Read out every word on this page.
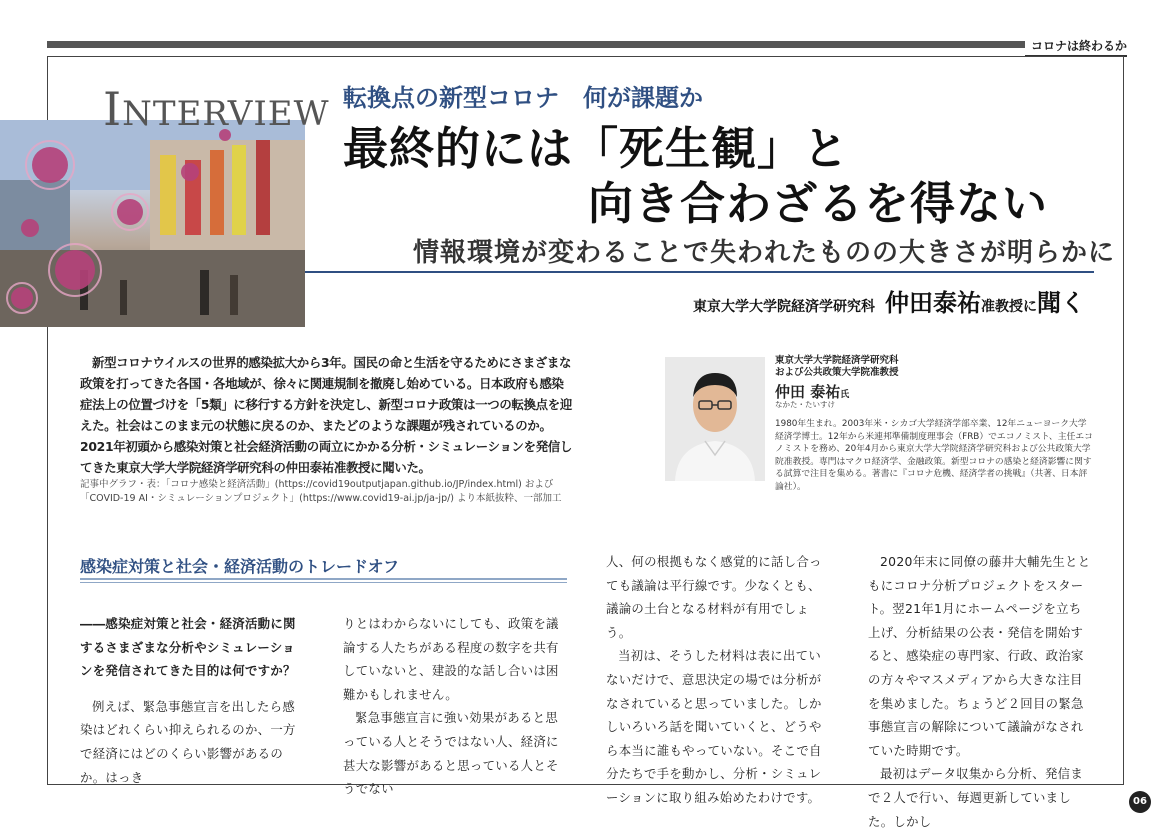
コロナは終わるか
INTERVIEW 転換点の新型コロナ　何が課題か
最終的には「死生観」と
向き合わざるを得ない
情報環境が変わることで失われたものの大きさが明らかに
東京大学大学院経済学研究科 仲田泰祐准教授に聞く

新型コロナウイルスの世界的感染拡大から3年。国民の命と生活を守るためにさまざまな政策を打ってきた各国・各地域が、徐々に関連規制を撤廃し始めている。日本政府も感染症法上の位置づけを「5類」に移行する方針を決定し、新型コロナ政策は一つの転換点を迎えた。社会はこのまま元の状態に戻るのか、またどのような課題が残されているのか。2021年初頭から感染対策と社会経済活動の両立にかかる分析・シミュレーションを発信してきた東京大学大学院経済学研究科の仲田泰祐准教授に聞いた。

記事中グラフ・表：「コロナ感染と経済活動」(https://covid19outputjapan.github.io/JP/index.html) および「COVID-19 AI・シミュレーションプロジェクト」(https://www.covid19-ai.jp/ja-jp/) より本紙抜粋、一部加工

東京大学大学院経済学研究科
および公共政策大学院准教授
仲田 泰祐氏
なかた・たいすけ

1980年生まれ。2003年米・シカゴ大学経済学部卒業、12年ニューヨーク大学経済学博士。12年から米連邦準備制度理事会（FRB）でエコノミスト、主任エコノミストを務め、20年4月から東京大学大学院経済学研究科および公共政策大学院准教授。専門はマクロ経済学、金融政策。新型コロナの感染と経済影響に関する試算で注目を集める。著書に『コロナ危機、経済学者の挑戦』（共著、日本評論社）。

感染症対策と社会・経済活動のトレードオフ

――感染症対策と社会・経済活動に関するさまざまな分析やシミュレーションを発信されてきた目的は何ですか？

例えば、緊急事態宣言を出したら感染はどれくらい抑えられるのか、一方で経済にはどのくらい影響があるのか。はっき

りとはわからないにしても、政策を議論する人たちがある程度の数字を共有していないと、建設的な話し合いは困難かもしれません。

緊急事態宣言に強い効果があると思っている人とそうではない人、経済に甚大な影響があると思っている人とそうでない

人、何の根拠もなく感覚的に話し合っても議論は平行線です。少なくとも、議論の土台となる材料が有用でしょう。

当初は、そうした材料は表に出ていないだけで、意思決定の場では分析がなされていると思っていました。しかしいろいろ話を聞いていくと、どうやら本当に誰もやっていない。そこで自分たちで手を動かし、分析・シミュレーションに取り組み始めたわけです。

2020年末に同僚の藤井大輔先生とともにコロナ分析プロジェクトをスタート。翌21年1月にホームページを立ち上げ、分析結果の公表・発信を開始すると、感染症の専門家、行政、政治家の方々やマスメディアから大きな注目を集めました。ちょうど２回目の緊急事態宣言の解除について議論がなされていた時期です。

最初はデータ収集から分析、発信まで２人で行い、毎週更新していました。しかし

06
